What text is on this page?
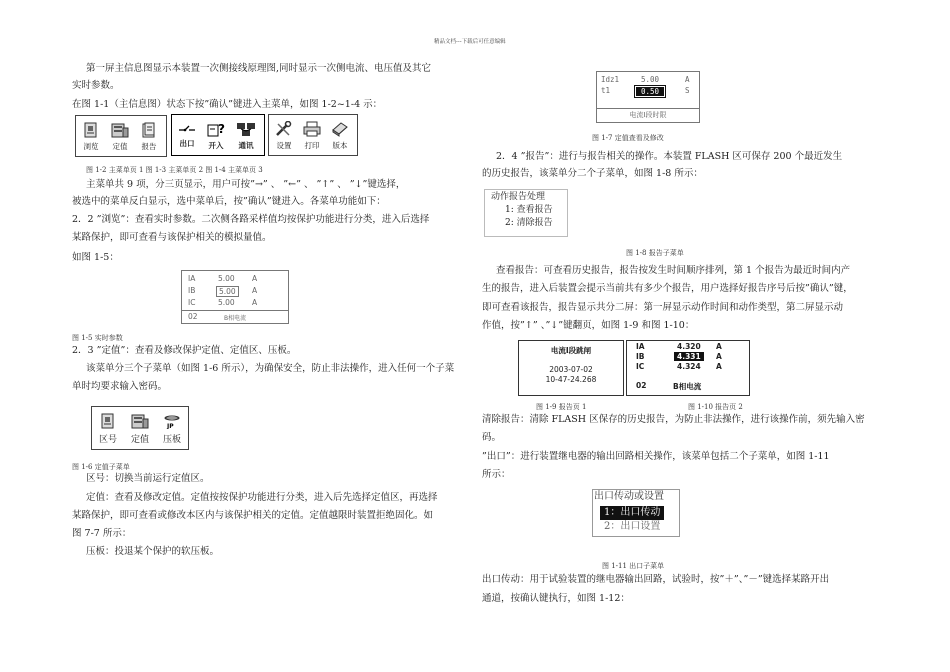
精品文档---下载后可任意编辑
第一屏主信息图显示本装置一次侧接线原理图,同时显示一次侧电流、电压值及其它
实时参数。
在图 1-1（主信息图）状态下按”确认”键进入主菜单，如图 1-2~1-4 示：
浏览	定值	报告	出口
?
开入	通讯	设置	打印	版本
图 1-2 主菜单页 1 图 1-3 主菜单页 2 图 1-4 主菜单页 3
主菜单共 9 项，分三页显示，用户可按”→” 、 ”←” 、 ”↑” 、 ”↓”键选择，
被选中的菜单反白显示，选中菜单后，按”确认”键进入。各菜单功能如下：
2．2 ”浏览”：查看实时参数。二次侧各路采样值均按保护功能进行分类，进入后选择
某路保护，即可查看与该保护相关的模拟量值。
如图 1-5：
IA	5.00 A
IB	5.00	A
IC	5.00 A
02	B相电流
图 1-5 实时参数
2．3 ”定值”：查看及修改保护定值、定值区、压板。
该菜单分三个子菜单（如图 1-6 所示），为确保安全，防止非法操作，进入任何一个子菜
单时均要求输入密码。
区号	定值
JP
压板
图 1-6 定值子菜单
区号：切换当前运行定值区。
定值：查看及修改定值。定值按按保护功能进行分类，进入后先选择定值区，再选择
某路保护，即可查看或修改本区内与该保护相关的定值。定值越限时装置拒绝固化。如
图 7-7 所示：
压板：投退某个保护的软压板。
Idz1	5.00	A
t1	0.50	S
电流I段时限
图 1-7 定值查看及修改
2．4 ”报告”：进行与报告相关的操作。本装置 FLASH 区可保存 200 个最近发生
的历史报告，该菜单分二个子菜单，如图 1-8 所示：
动作报告处理
1: 查看报告
2: 清除报告
图 1-8 报告子菜单
查看报告：可查看历史报告，报告按发生时间顺序排列，第 1 个报告为最近时间内产
生的报告，进入后装置会提示当前共有多少个报告，用户选择好报告序号后按”确认”键，
即可查看该报告，报告显示共分二屏：第一屏显示动作时间和动作类型，第二屏显示动
作值，按”↑” 、”↓”键翻页，如图 1-9 和图 1-10：
电流I段跳闸
2003-07-02
10-47-24.268
IA	4.320 A
IB	4.331	A
IC	4.324 A
02	B相电流
图 1-9 报告页 1	图 1-10 报告页 2
清除报告：清除 FLASH 区保存的历史报告，为防止非法操作，进行该操作前，须先输入密
码。
”出口”：进行装置继电器的输出回路相关操作，该菜单包括二个子菜单，如图 1-11
所示：
出口传动或设置
1：出口传动
2：出口设置
图 1-11 出口子菜单
出口传动：用于试验装置的继电器输出回路，试验时，按”＋”、”－”键选择某路开出
通道，按确认键执行，如图 1-12：
